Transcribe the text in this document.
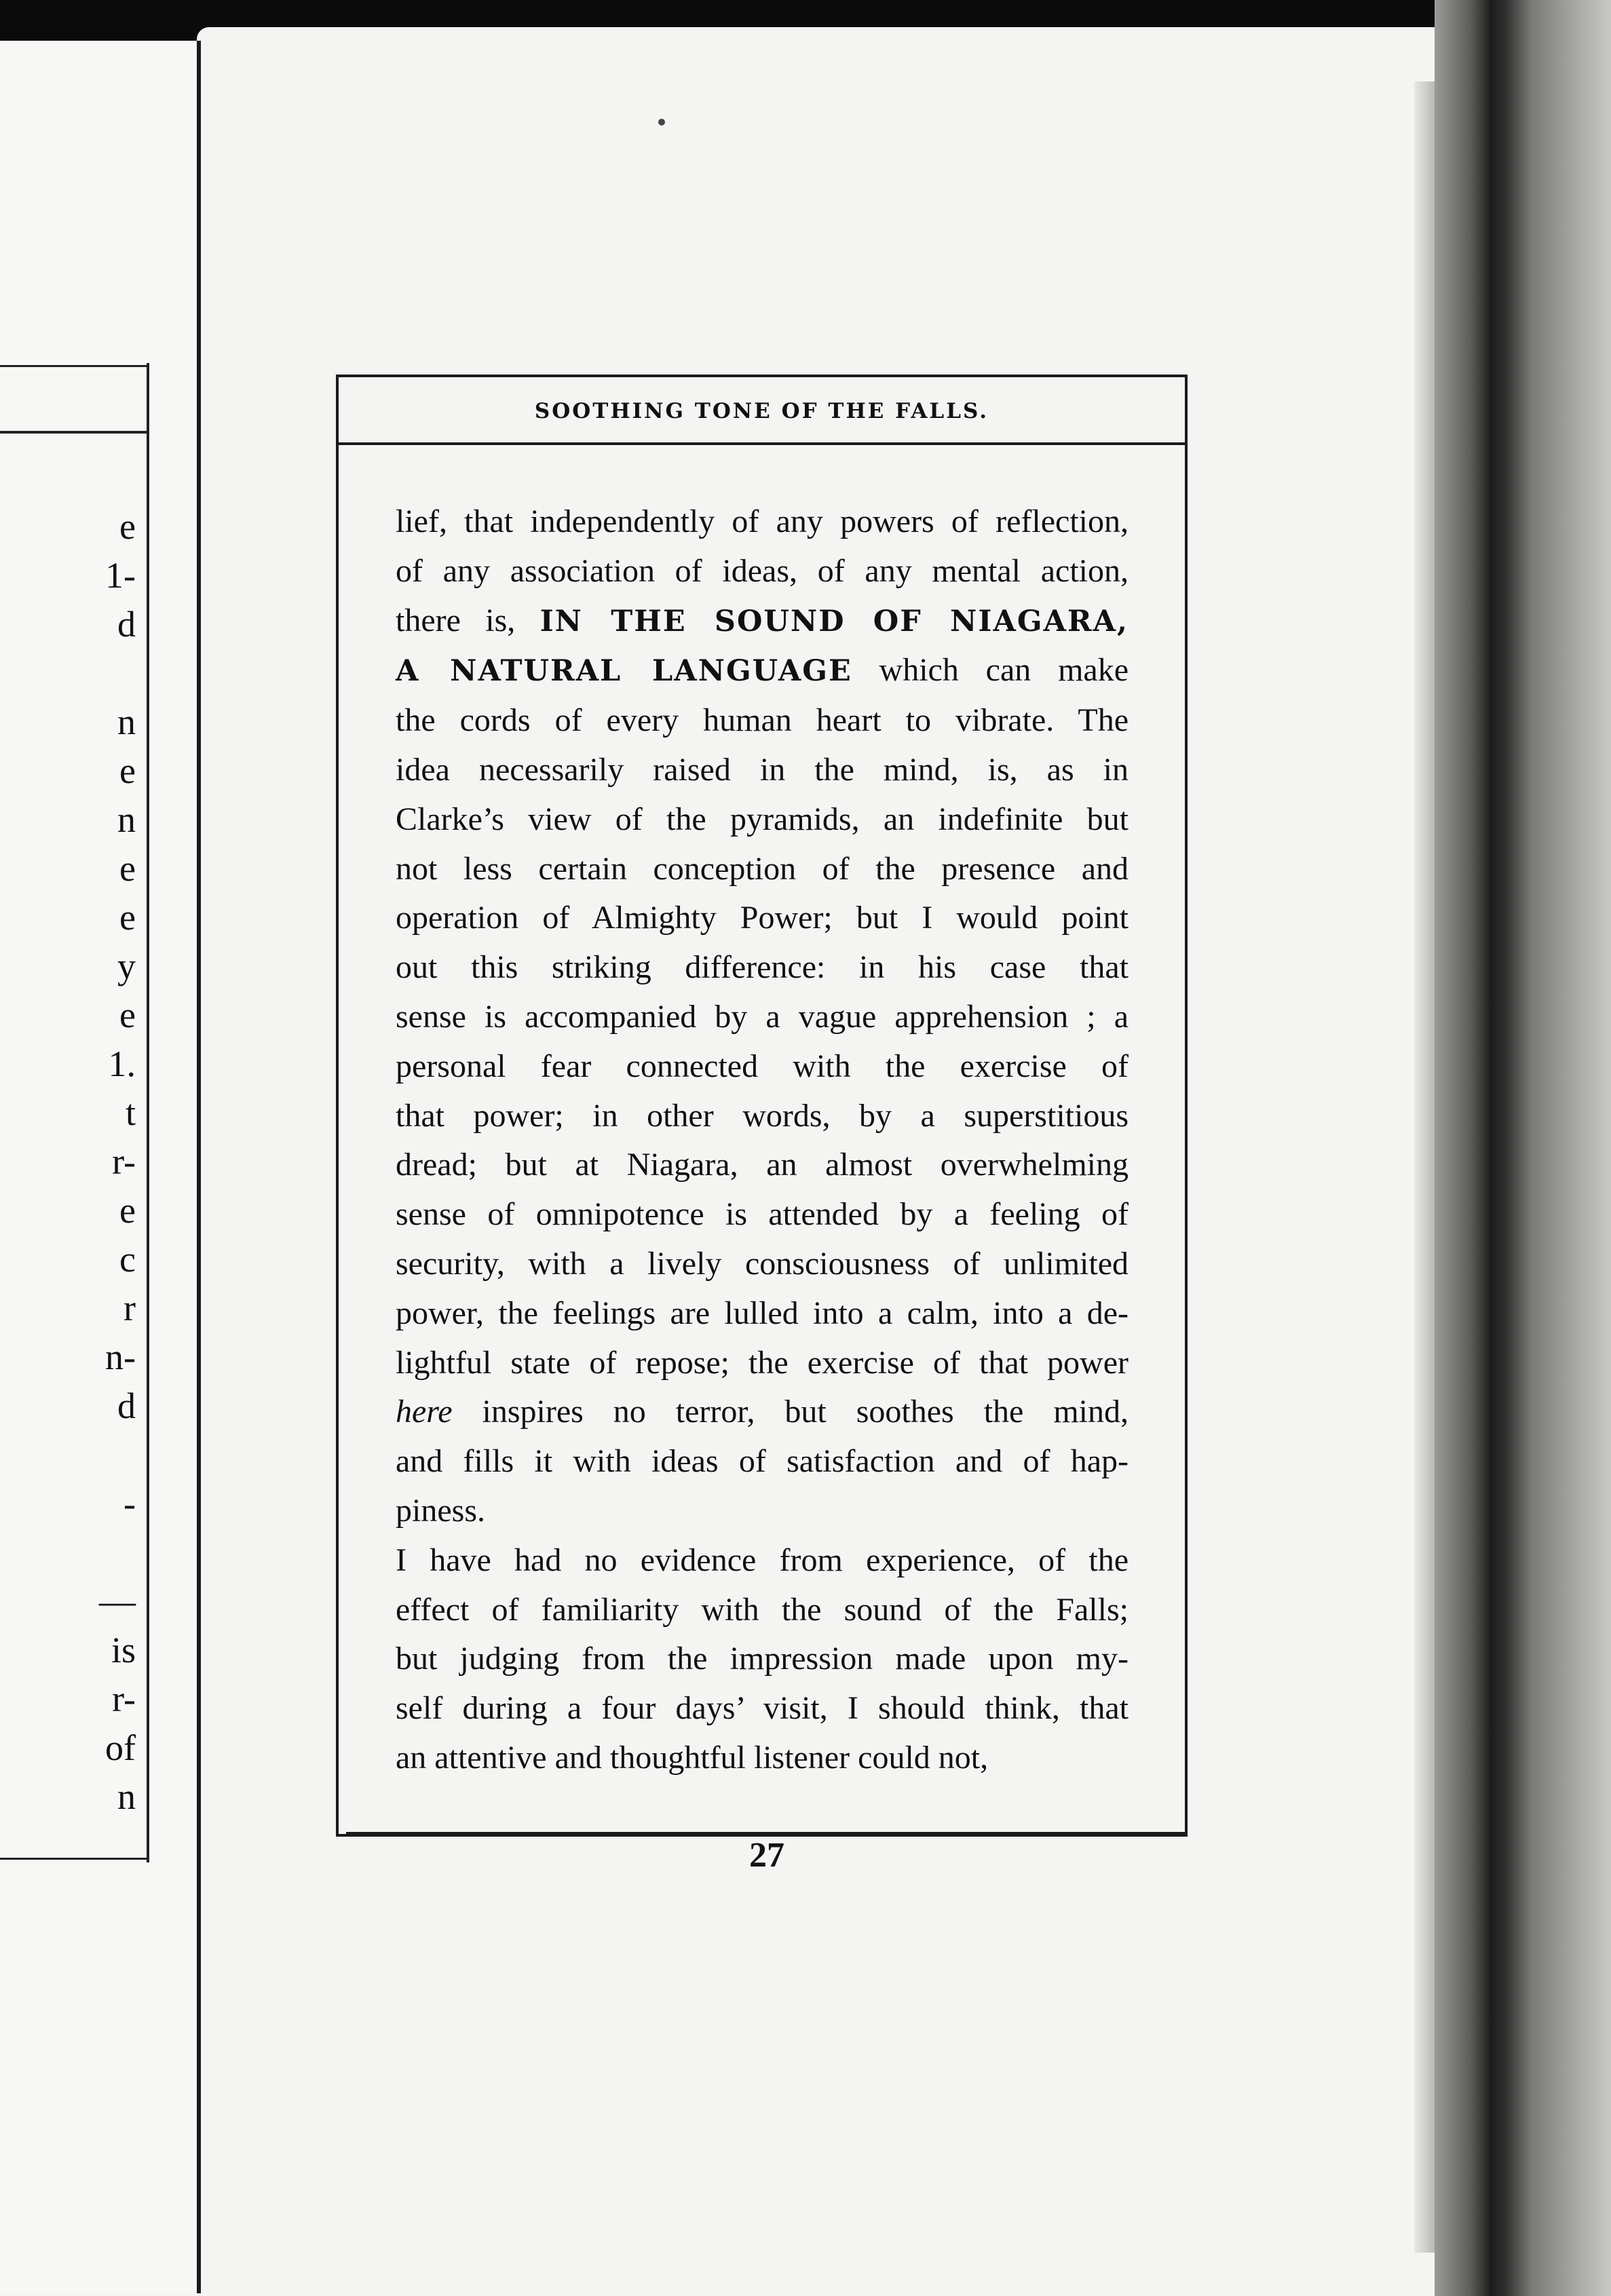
e
1-
d

n
e
n
e
e
y
e
1.
t
r-
e
c
r
n-
d

-

—
is
r-
of
n
SOOTHING TONE OF THE FALLS.
lief, that independently of any powers of reflection,
of any association of ideas, of any mental action,
there is, IN THE SOUND OF NIAGARA,
A NATURAL LANGUAGE which can make
the cords of every human heart to vibrate. The
idea necessarily raised in the mind, is, as in
Clarke’s view of the pyramids, an indefinite but
not less certain conception of the presence and
operation of Almighty Power; but I would point
out this striking difference: in his case that
sense is accompanied by a vague apprehension ; a
personal fear connected with the exercise of
that power; in other words, by a superstitious
dread; but at Niagara, an almost overwhelming
sense of omnipotence is attended by a feeling of
security, with a lively consciousness of unlimited
power, the feelings are lulled into a calm, into a de-
lightful state of repose; the exercise of that power
here inspires no terror, but soothes the mind,
and fills it with ideas of satisfaction and of hap-
piness.
I have had no evidence from experience, of the
effect of familiarity with the sound of the Falls;
but judging from the impression made upon my-
self during a four days’ visit, I should think, that
an attentive and thoughtful listener could not,
27
